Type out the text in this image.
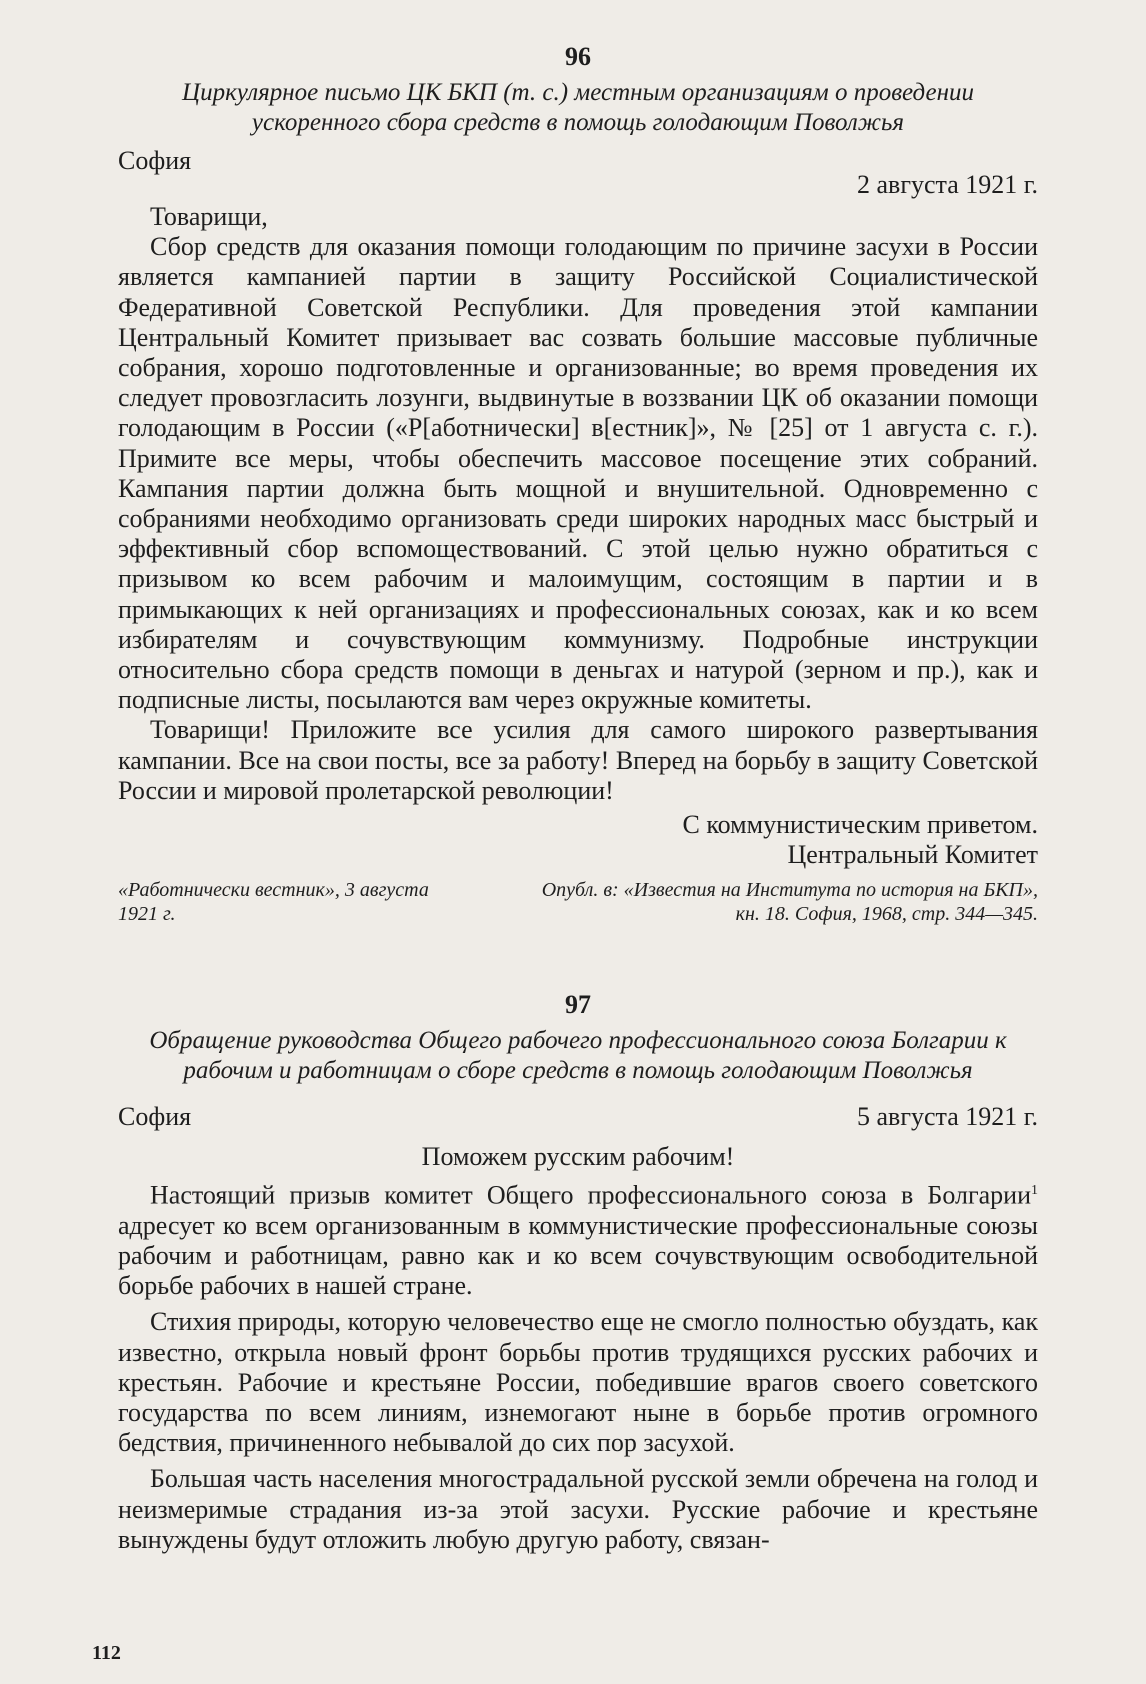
96

Циркулярное письмо ЦК БКП (т. с.) местным организациям о проведении ускоренного сбора средств в помощь голодающим Поволжья

София
2 августа 1921 г.

Товарищи,

Сбор средств для оказания помощи голодающим по причине засухи в России является кампанией партии в защиту Российской Социалистической Федеративной Советской Республики. Для проведения этой кампании Центральный Комитет призывает вас созвать большие массовые публичные собрания, хорошо подготовленные и организованные; во время проведения их следует провозгласить лозунги, выдвинутые в воззвании ЦК об оказании помощи голодающим в России («Р[аботнически] в[естник]», № [25] от 1 августа с. г.). Примите все меры, чтобы обеспечить массовое посещение этих собраний. Кампания партии должна быть мощной и внушительной. Одновременно с собраниями необходимо организовать среди широких народных масс быстрый и эффективный сбор вспомоществований. С этой целью нужно обратиться с призывом ко всем рабочим и малоимущим, состоящим в партии и в примыкающих к ней организациях и профессиональных союзах, как и ко всем избирателям и сочувствующим коммунизму. Подробные инструкции относительно сбора средств помощи в деньгах и натурой (зерном и пр.), как и подписные листы, посылаются вам через окружные комитеты.

Товарищи! Приложите все усилия для самого широкого развертывания кампании. Все на свои посты, все за работу! Вперед на борьбу в защиту Советской России и мировой пролетарской революции!

С коммунистическим приветом.

Центральный Комитет

«Работнически вестник», 3 августа 1921 г.
Опубл. в: «Известия на Института по история на БКП», кн. 18. София, 1968, стр. 344—345.

97

Обращение руководства Общего рабочего профессионального союза Болгарии к рабочим и работницам о сборе средств в помощь голодающим Поволжья

София	5 августа 1921 г.

Поможем русским рабочим!

Настоящий призыв комитет Общего профессионального союза в Болгарии$^1$ адресует ко всем организованным в коммунистические профессиональные союзы рабочим и работницам, равно как и ко всем сочувствующим освободительной борьбе рабочих в нашей стране.

Стихия природы, которую человечество еще не смогло полностью обуздать, как известно, открыла новый фронт борьбы против трудящихся русских рабочих и крестьян. Рабочие и крестьяне России, победившие врагов своего советского государства по всем линиям, изнемогают ныне в борьбе против огромного бедствия, причиненного небывалой до сих пор засухой.

Большая часть населения многострадальной русской земли обречена на голод и неизмеримые страдания из-за этой засухи. Русские рабочие и крестьяне вынуждены будут отложить любую другую работу, связан-

112
